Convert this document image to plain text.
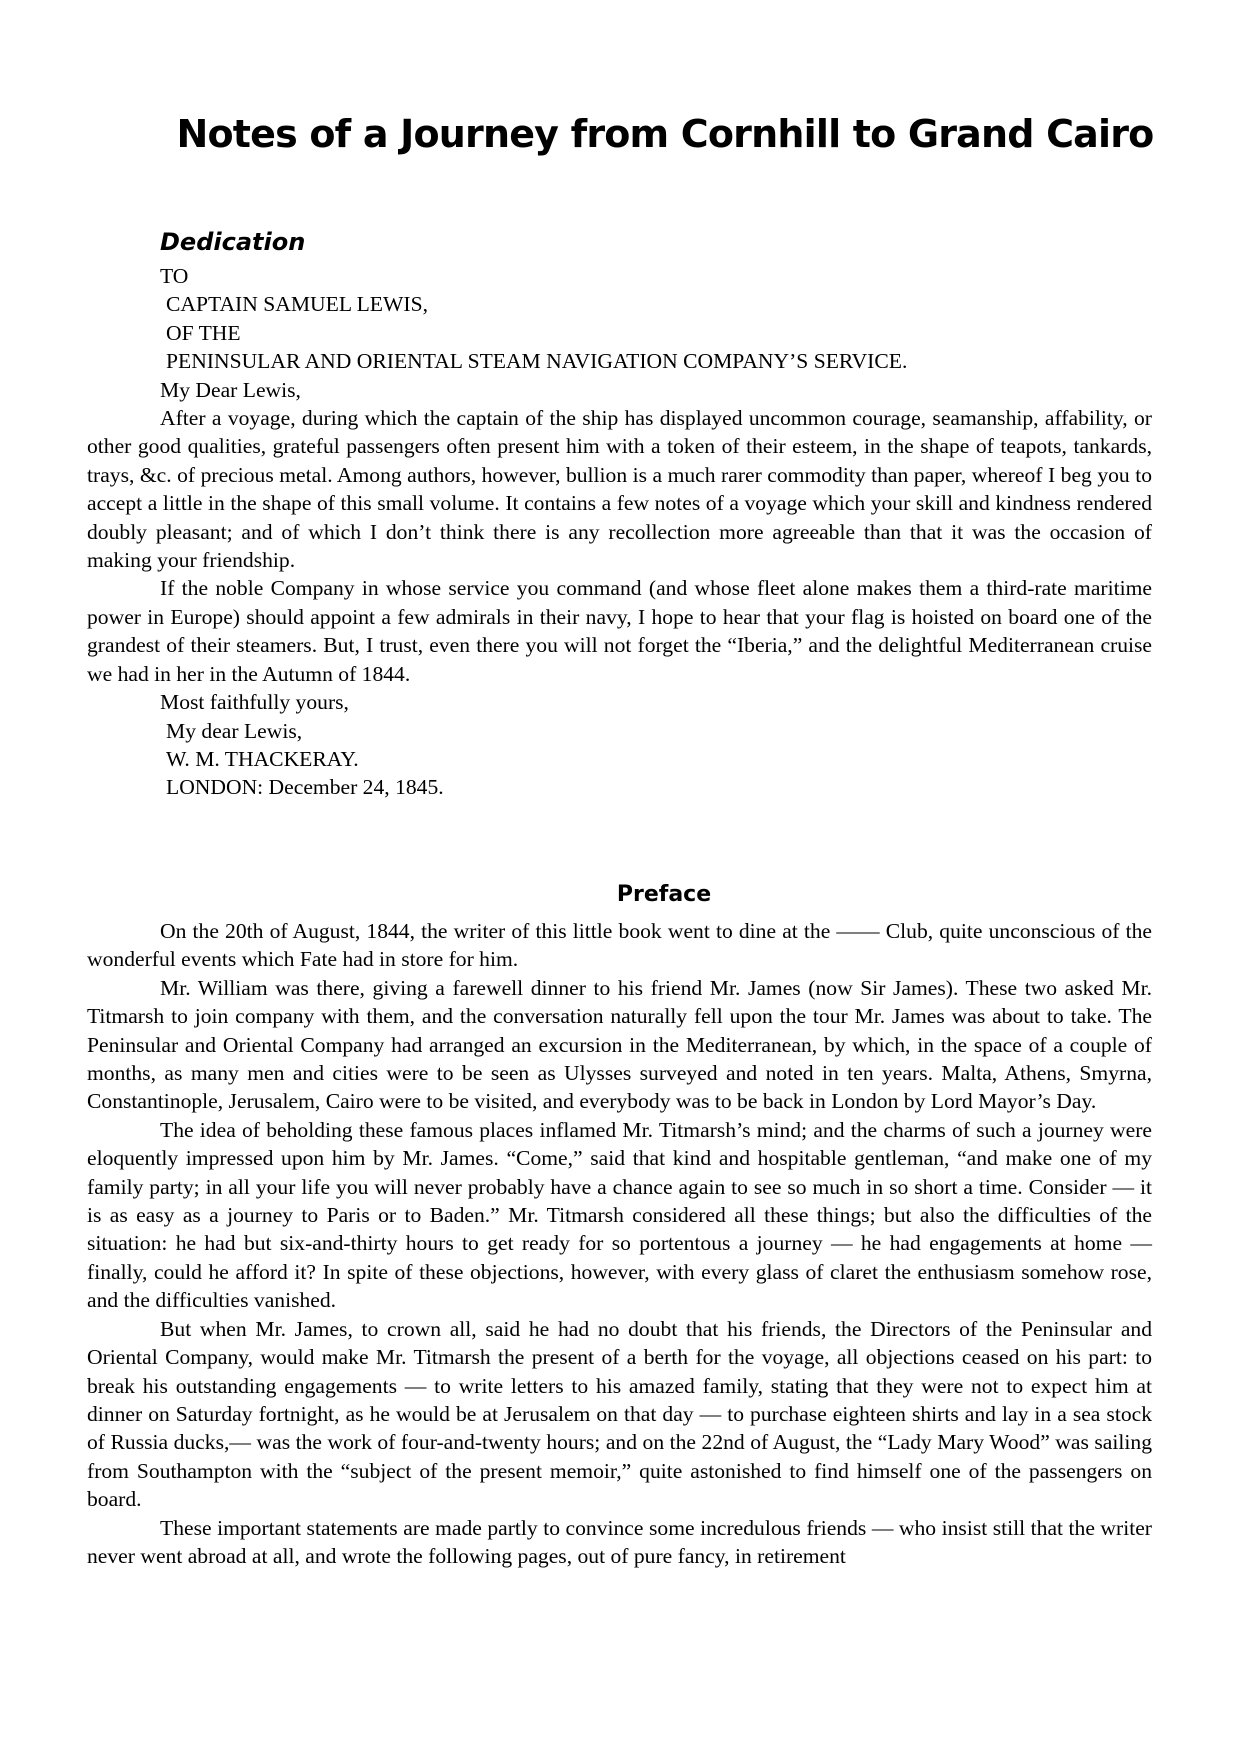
Notes of a Journey from Cornhill to Grand Cairo
Dedication
TO
CAPTAIN SAMUEL LEWIS,
OF THE
PENINSULAR AND ORIENTAL STEAM NAVIGATION COMPANY’S SERVICE.
My Dear Lewis,

After a voyage, during which the captain of the ship has displayed uncommon courage, seamanship, affability, or other good qualities, grateful passengers often present him with a token of their esteem, in the shape of teapots, tankards, trays, &c. of precious metal. Among authors, however, bullion is a much rarer commodity than paper, whereof I beg you to accept a little in the shape of this small volume. It contains a few notes of a voyage which your skill and kindness rendered doubly pleasant; and of which I don’t think there is any recollection more agreeable than that it was the occasion of making your friendship.

If the noble Company in whose service you command (and whose fleet alone makes them a third-rate maritime power in Europe) should appoint a few admirals in their navy, I hope to hear that your flag is hoisted on board one of the grandest of their steamers. But, I trust, even there you will not forget the “Iberia,” and the delightful Mediterranean cruise we had in her in the Autumn of 1844.

Most faithfully yours,
My dear Lewis,
W. M. THACKERAY.
LONDON: December 24, 1845.
Preface

On the 20th of August, 1844, the writer of this little book went to dine at the —— Club, quite unconscious of the wonderful events which Fate had in store for him.

Mr. William was there, giving a farewell dinner to his friend Mr. James (now Sir James). These two asked Mr. Titmarsh to join company with them, and the conversation naturally fell upon the tour Mr. James was about to take. The Peninsular and Oriental Company had arranged an excursion in the Mediterranean, by which, in the space of a couple of months, as many men and cities were to be seen as Ulysses surveyed and noted in ten years. Malta, Athens, Smyrna, Constantinople, Jerusalem, Cairo were to be visited, and everybody was to be back in London by Lord Mayor’s Day.

The idea of beholding these famous places inflamed Mr. Titmarsh’s mind; and the charms of such a journey were eloquently impressed upon him by Mr. James. “Come,” said that kind and hospitable gentleman, “and make one of my family party; in all your life you will never probably have a chance again to see so much in so short a time. Consider — it is as easy as a journey to Paris or to Baden.” Mr. Titmarsh considered all these things; but also the difficulties of the situation: he had but six-and-thirty hours to get ready for so portentous a journey — he had engagements at home — finally, could he afford it? In spite of these objections, however, with every glass of claret the enthusiasm somehow rose, and the difficulties vanished.

But when Mr. James, to crown all, said he had no doubt that his friends, the Directors of the Peninsular and Oriental Company, would make Mr. Titmarsh the present of a berth for the voyage, all objections ceased on his part: to break his outstanding engagements — to write letters to his amazed family, stating that they were not to expect him at dinner on Saturday fortnight, as he would be at Jerusalem on that day — to purchase eighteen shirts and lay in a sea stock of Russia ducks,— was the work of four-and-twenty hours; and on the 22nd of August, the “Lady Mary Wood” was sailing from Southampton with the “subject of the present memoir,” quite astonished to find himself one of the passengers on board.

These important statements are made partly to convince some incredulous friends — who insist still that the writer never went abroad at all, and wrote the following pages, out of pure fancy, in retirement
